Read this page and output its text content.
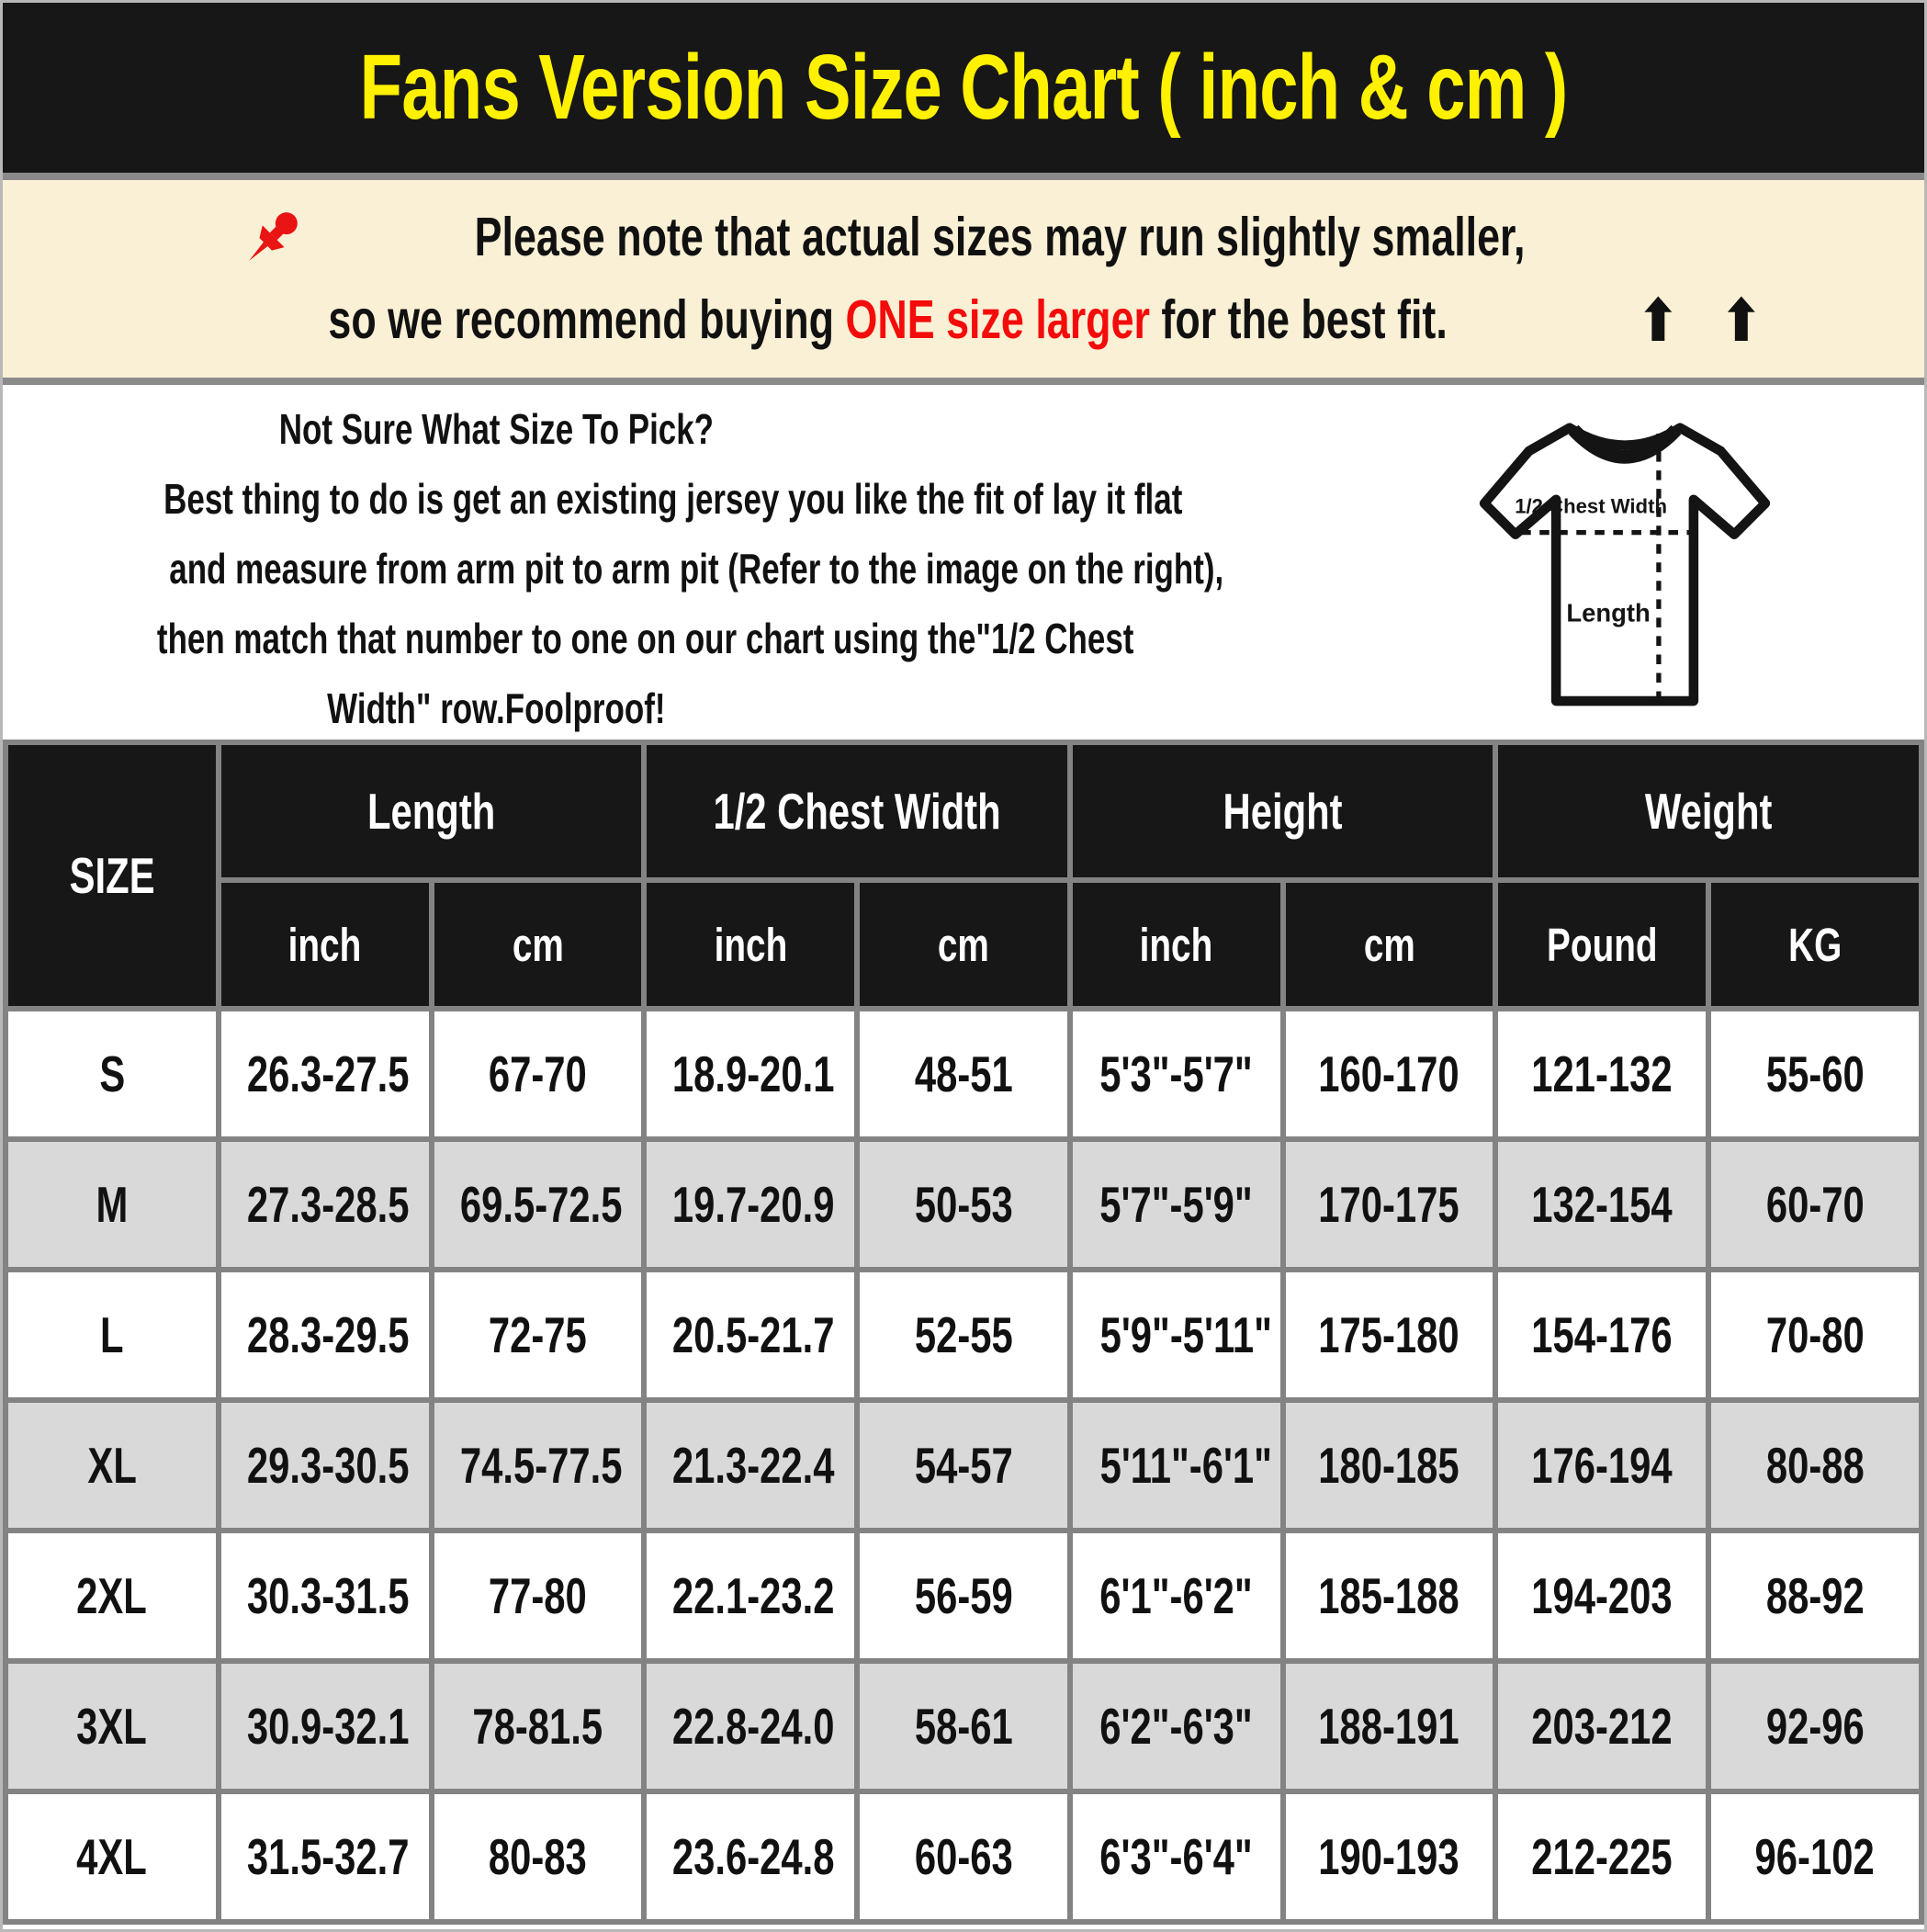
Fans Version Size Chart ( inch & cm )
Please note that actual sizes may run slightly smaller,
so we recommend buying ONE size larger for the best fit.	⬆ ⬆
Not Sure What Size To Pick?
Best thing to do is get an existing jersey you like the fit of lay it flat
and measure from arm pit to arm pit (Refer to the image on the right),
then match that number to one on our chart using the"1/2 Chest
Width" row.Foolproof!
1/2 Chest Width
Length
SIZE	Length		1/2 Chest Width		Height		Weight	
	inch	cm	inch	cm	inch	cm	Pound	KG
S	26.3-27.5	67-70	18.9-20.1	48-51	5'3"-5'7"	160-170	121-132	55-60
M	27.3-28.5	69.5-72.5	19.7-20.9	50-53	5'7"-5'9"	170-175	132-154	60-70
L	28.3-29.5	72-75	20.5-21.7	52-55	5'9"-5'11"	175-180	154-176	70-80
XL	29.3-30.5	74.5-77.5	21.3-22.4	54-57	5'11"-6'1"	180-185	176-194	80-88
2XL	30.3-31.5	77-80	22.1-23.2	56-59	6'1"-6'2"	185-188	194-203	88-92
3XL	30.9-32.1	78-81.5	22.8-24.0	58-61	6'2"-6'3"	188-191	203-212	92-96
4XL	31.5-32.7	80-83	23.6-24.8	60-63	6'3"-6'4"	190-193	212-225	96-102
